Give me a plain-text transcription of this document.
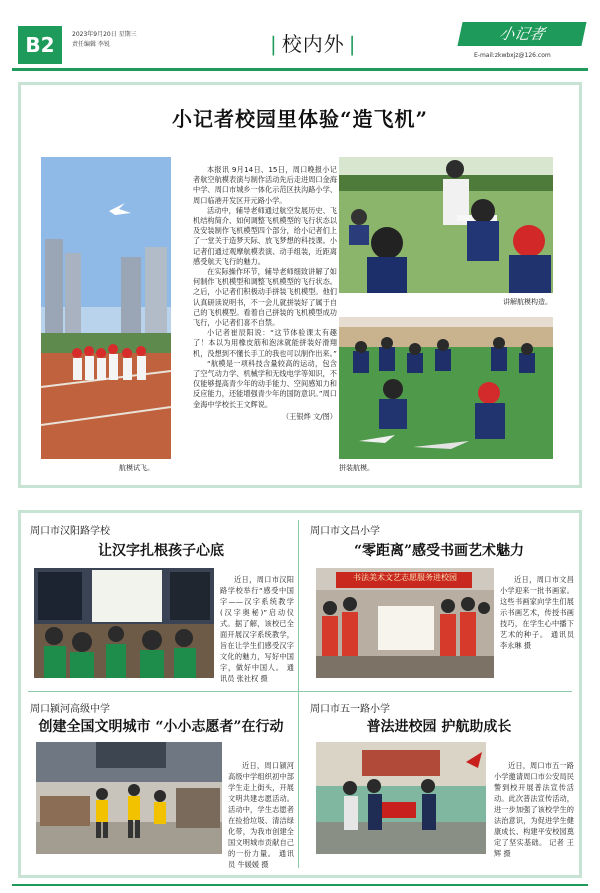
B2	2023年9月20日 星期三
责任编辑 李锐	| 校内外 |	小记者
E-mail:zkwbxjz@126.com
小记者校园里体验“造飞机”
航模试飞。

本报讯 9月14日、15日，周口晚报小记者航空航模表演与制作活动先后走进周口金海中学、周口市城乡一体化示范区扶沟路小学、周口临港开发区开元路小学。

活动中，辅导老师通过航空发展历史、飞机结构简介、如何调整飞机模型的飞行状态以及安装制作飞机模型四个部分，给小记者们上了一堂关于造梦天际、放飞梦想的科技课。小记者们通过观摩航模表演、动手组装，近距离感受航天飞行的魅力。

在实际操作环节，辅导老师细致讲解了如何制作飞机模型和调整飞机模型的飞行状态。之后，小记者们积极动手拼装飞机模型。他们认真研读说明书，不一会儿就拼装好了属于自己的飞机模型。看着自己拼装的飞机模型成功飞行，小记者们喜不自禁。

小记者崔辰阳说：“这节体验课太有趣了！本以为用橡皮筋和泡沫就能拼装好滑翔机，没想到不懂长手工的我也可以制作出来。”

“航模是一项科技含量较高的运动，包含了空气动力学、机械学和无线电学等知识，不仅能够提高青少年的动手能力、空间感知力和反应能力，还能增强青少年的国防意识。”周口金海中学校长王文辉说。

（王银烨 文/图）

讲解航模构造。
拼装航模。
周口市汉阳路学校
让汉字扎根孩子心底
近日，周口市汉阳路学校举行“感受中国字——汉字系统教学(汉字奥秘)”启动仪式。据了解，该校已全面开展汉字系统教学，旨在让学生们感受汉字文化的魅力，写好中国字，做好中国人。 通讯员 张社权 摄
周口市文昌小学
“零距离”感受书画艺术魅力
书法美术文艺志愿服务进校园	近日，周口市文昌小学迎来一批书画家。这些书画家向学生们展示书画艺术，传授书画技巧，在学生心中播下艺术的种子。 通讯员 李永琳 摄
周口颍河高级中学
创建全国文明城市 “小小志愿者”在行动
近日，周口颍河高级中学组织初中部学生走上街头，开展文明共建志愿活动。活动中，学生志愿者在捡拾垃圾、清洁绿化带，为我市创建全国文明城市贡献自己的一份力量。 通讯员 牛媛媛 摄
周口市五一路小学
普法进校园 护航助成长
近日，周口市五一路小学邀请周口市公安局民警到校开展普法宣传活动。此次普法宣传活动，进一步加强了该校学生的法治意识，为促进学生健康成长、构建平安校园奠定了坚实基础。 记者 王辉 摄
